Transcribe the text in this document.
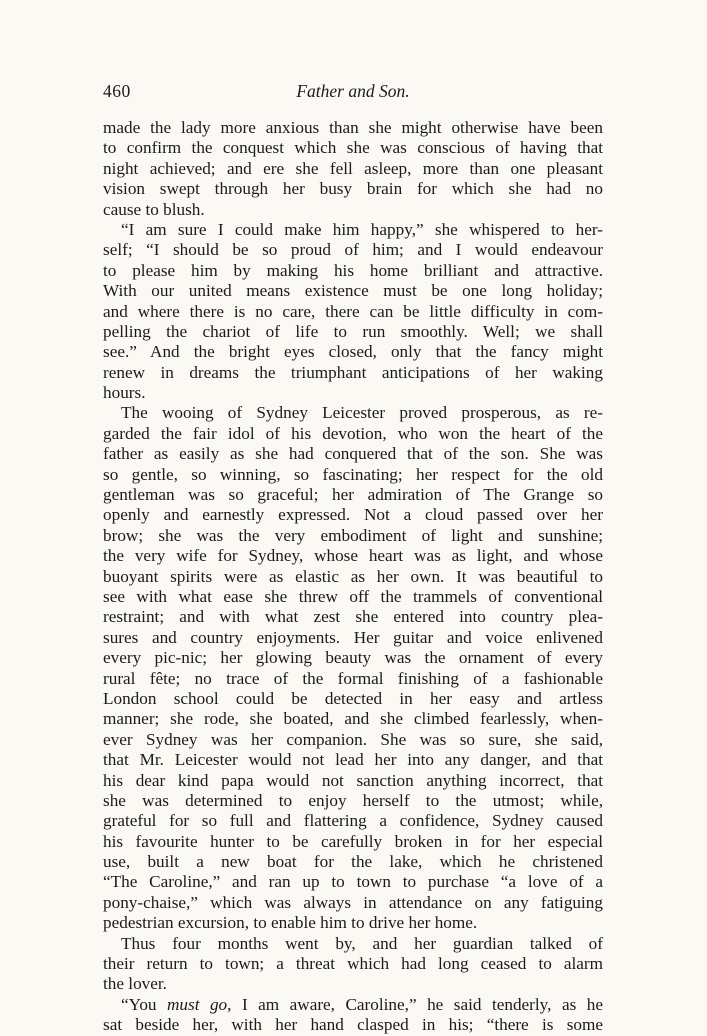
460	Father and Son.
made the lady more anxious than she might otherwise have been
to confirm the conquest which she was conscious of having that
night achieved; and ere she fell asleep, more than one pleasant
vision swept through her busy brain for which she had no
cause to blush.
“I am sure I could make him happy,” she whispered to her-
self; “I should be so proud of him; and I would endeavour
to please him by making his home brilliant and attractive.
With our united means existence must be one long holiday;
and where there is no care, there can be little difficulty in com-
pelling the chariot of life to run smoothly. Well; we shall
see.” And the bright eyes closed, only that the fancy might
renew in dreams the triumphant anticipations of her waking
hours.
The wooing of Sydney Leicester proved prosperous, as re-
garded the fair idol of his devotion, who won the heart of the
father as easily as she had conquered that of the son. She was
so gentle, so winning, so fascinating; her respect for the old
gentleman was so graceful; her admiration of The Grange so
openly and earnestly expressed. Not a cloud passed over her
brow; she was the very embodiment of light and sunshine;
the very wife for Sydney, whose heart was as light, and whose
buoyant spirits were as elastic as her own. It was beautiful to
see with what ease she threw off the trammels of conventional
restraint; and with what zest she entered into country plea-
sures and country enjoyments. Her guitar and voice enlivened
every pic-nic; her glowing beauty was the ornament of every
rural fête; no trace of the formal finishing of a fashionable
London school could be detected in her easy and artless
manner; she rode, she boated, and she climbed fearlessly, when-
ever Sydney was her companion. She was so sure, she said,
that Mr. Leicester would not lead her into any danger, and that
his dear kind papa would not sanction anything incorrect, that
she was determined to enjoy herself to the utmost; while,
grateful for so full and flattering a confidence, Sydney caused
his favourite hunter to be carefully broken in for her especial
use, built a new boat for the lake, which he christened
“The Caroline,” and ran up to town to purchase “a love of a
pony-chaise,” which was always in attendance on any fatiguing
pedestrian excursion, to enable him to drive her home.
Thus four months went by, and her guardian talked of
their return to town; a threat which had long ceased to alarm
the lover.
“You must go, I am aware, Caroline,” he said tenderly, as he
sat beside her, with her hand clasped in his; “there is some
